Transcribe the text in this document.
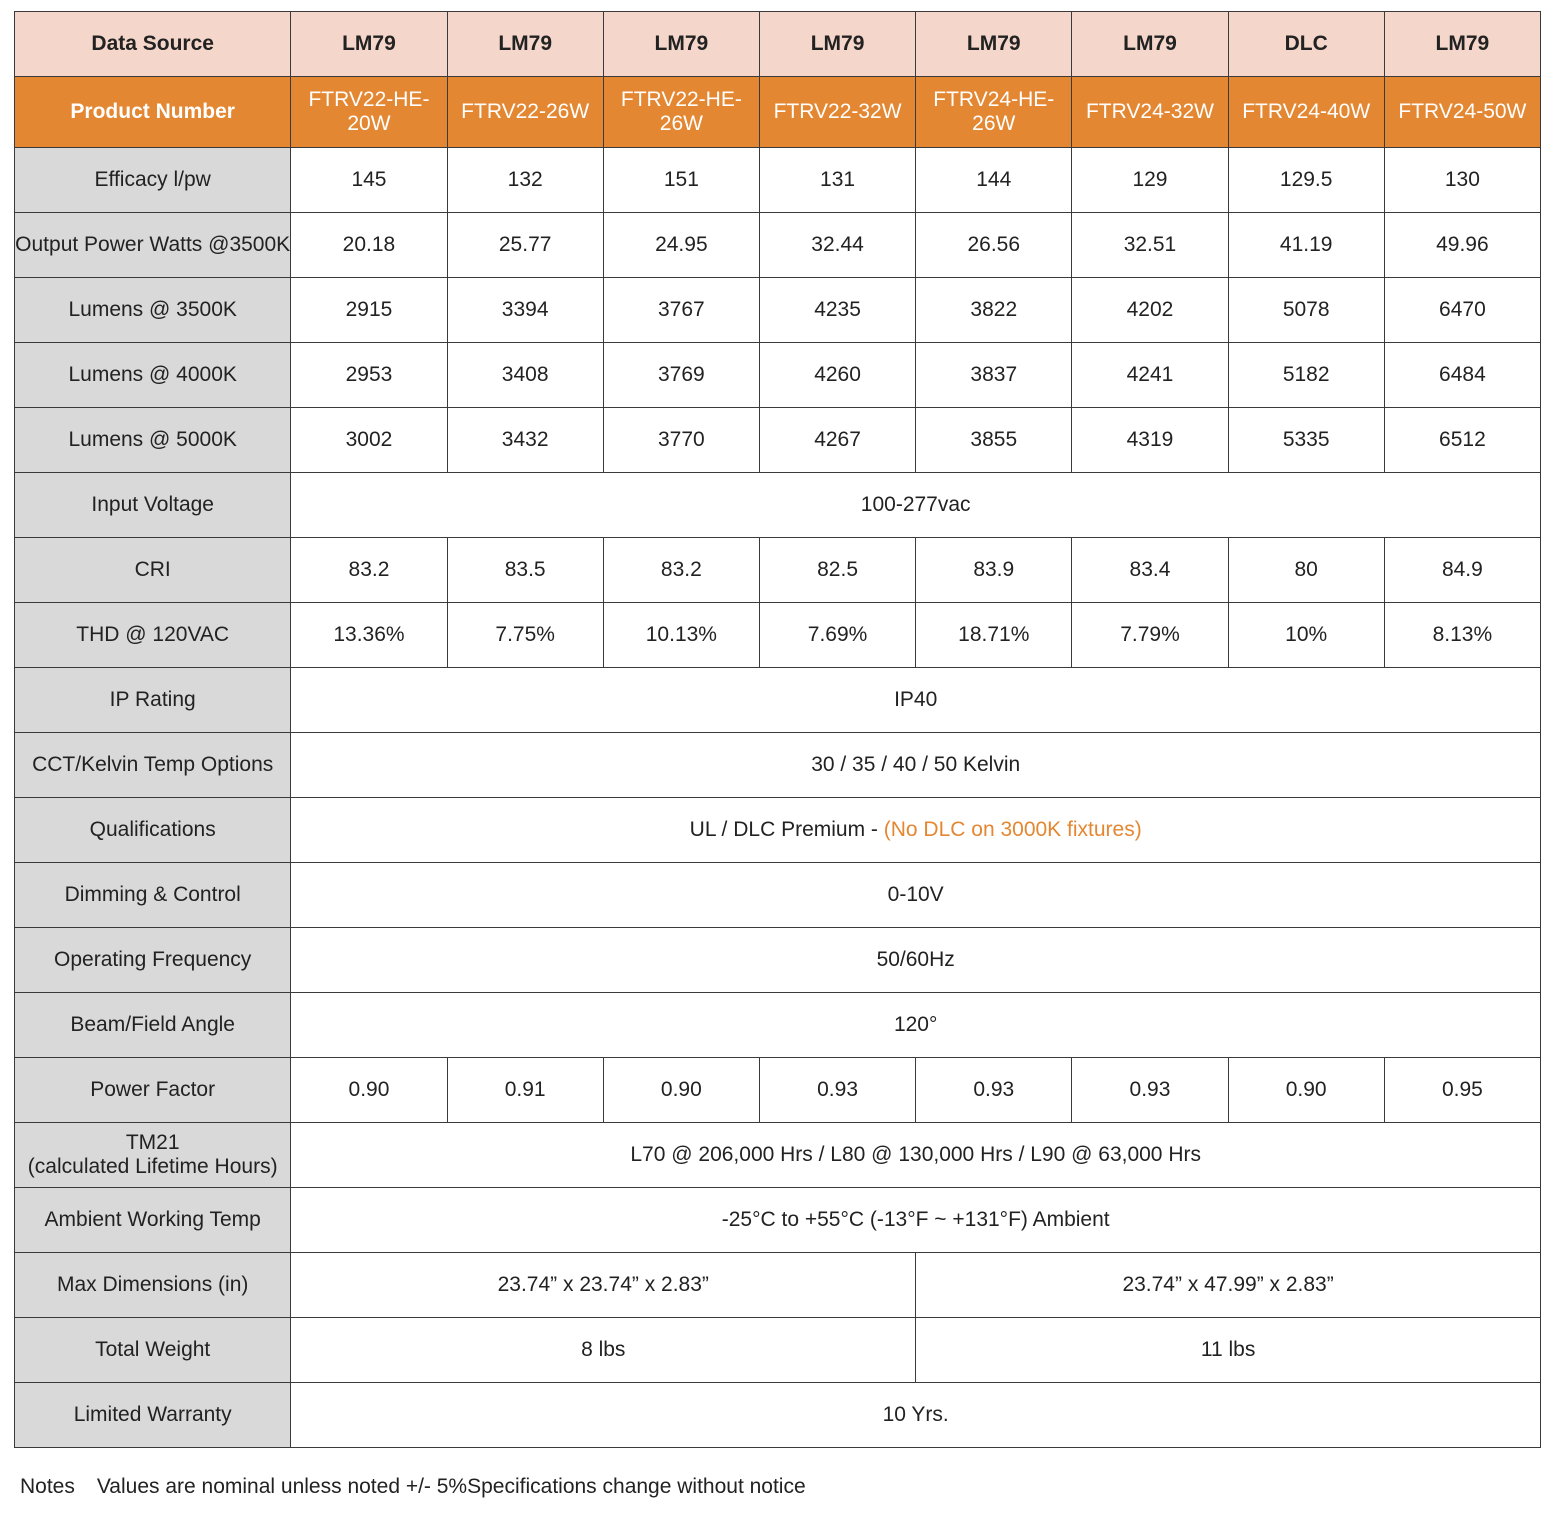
Data Source	LM79	LM79	LM79	LM79	LM79	LM79	DLC	LM79
Product Number	FTRV22-HE-20W	FTRV22-26W	FTRV22-HE-26W	FTRV22-32W	FTRV24-HE-26W	FTRV24-32W	FTRV24-40W	FTRV24-50W
Efficacy l/pw	145	132	151	131	144	129	129.5	130
Output Power Watts @3500K	20.18	25.77	24.95	32.44	26.56	32.51	41.19	49.96
Lumens @ 3500K	2915	3394	3767	4235	3822	4202	5078	6470
Lumens @ 4000K	2953	3408	3769	4260	3837	4241	5182	6484
Lumens @ 5000K	3002	3432	3770	4267	3855	4319	5335	6512
Input Voltage	100-277vac							
CRI	83.2	83.5	83.2	82.5	83.9	83.4	80	84.9
THD @ 120VAC	13.36%	7.75%	10.13%	7.69%	18.71%	7.79%	10%	8.13%
IP Rating	IP40							
CCT/Kelvin Temp Options	30 / 35 / 40 / 50 Kelvin							
Qualifications	UL / DLC Premium - (No DLC on 3000K fixtures)							
Dimming & Control	0-10V							
Operating Frequency	50/60Hz							
Beam/Field Angle	120°							
Power Factor	0.90	0.91	0.90	0.93	0.93	0.93	0.90	0.95

TM21
(calculated Lifetime Hours)	L70 @ 206,000 Hrs / L80 @ 130,000 Hrs / L90 @ 63,000 Hrs							
Ambient Working Temp	-25°C to +55°C (-13°F ~ +131°F) Ambient							
Max Dimensions (in)	23.74” x 23.74” x 2.83”				23.74” x 47.99” x 2.83”			
Total Weight	8 lbs				11 lbs			
Limited Warranty	10 Yrs.							
Notes Values are nominal unless noted +/- 5%Specifications change without notice
